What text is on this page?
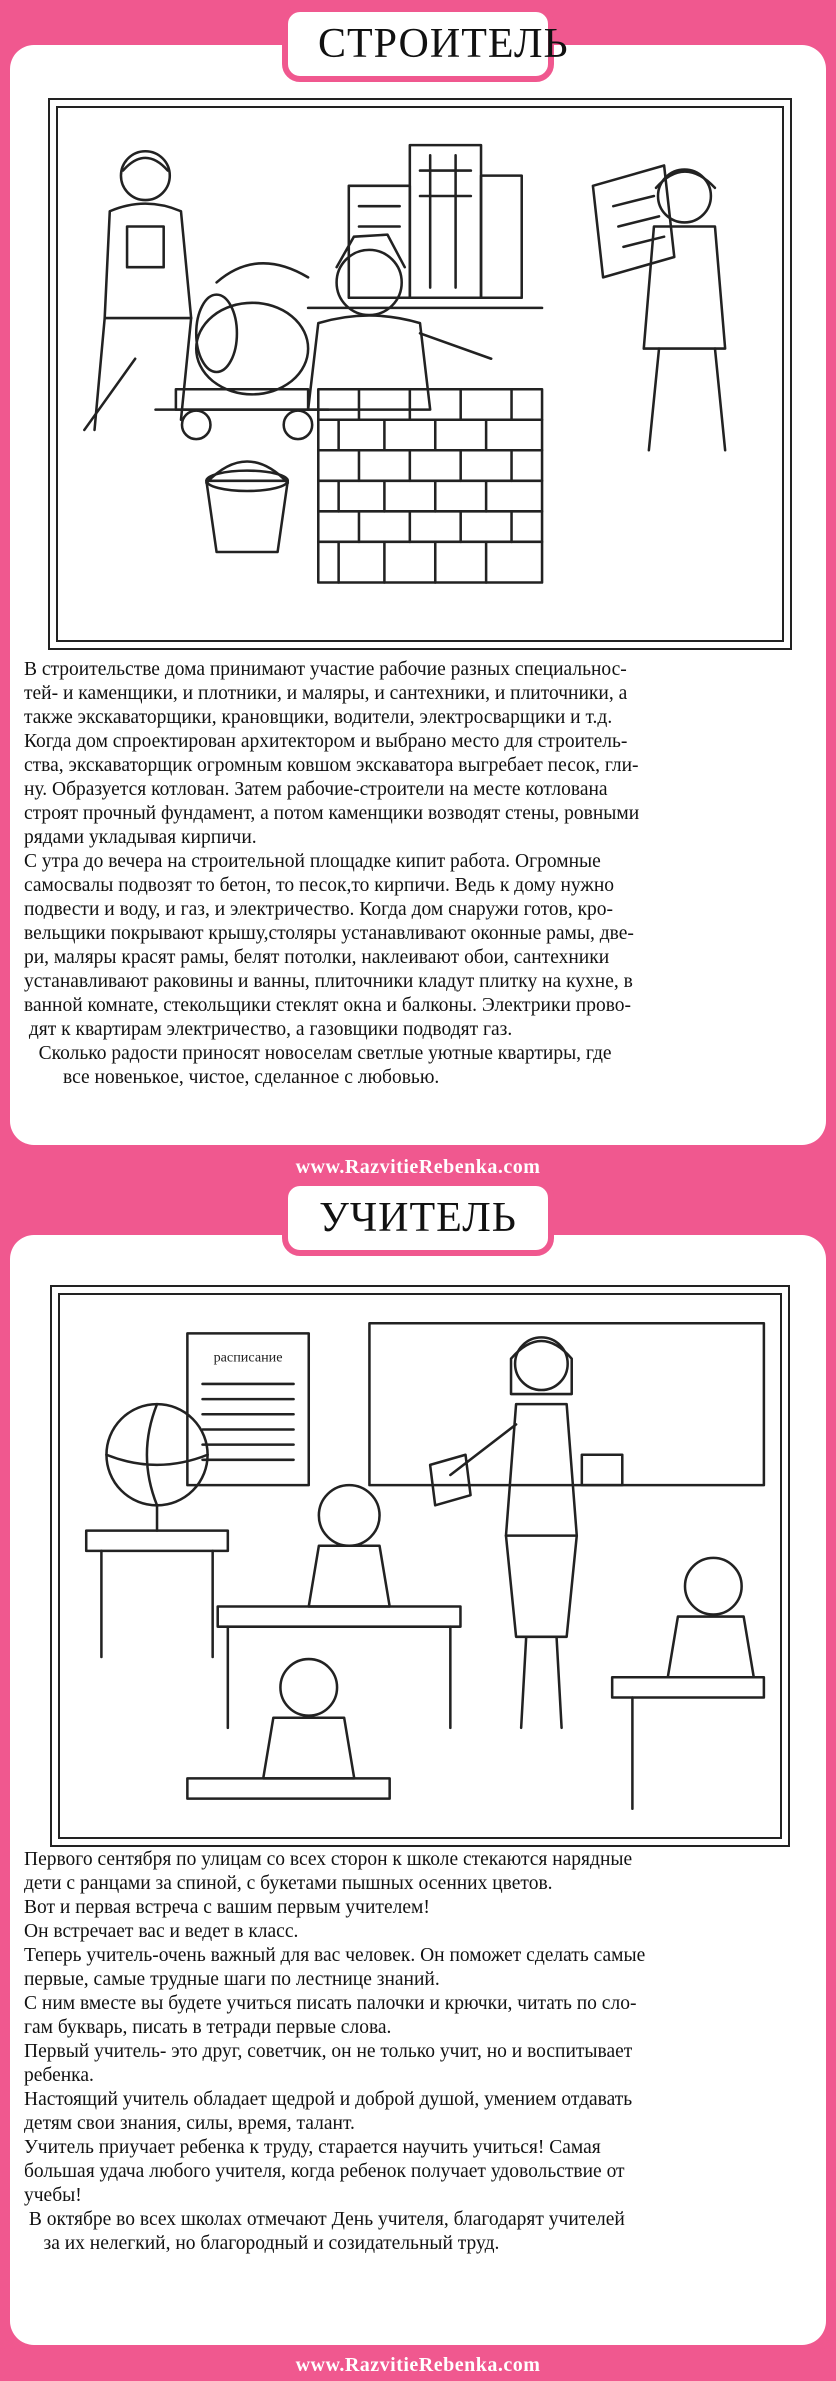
СТРОИТЕЛЬ

В строительстве дома принимают участие рабочие разных специальнос-

тей- и каменщики, и плотники, и маляры, и сантехники, и плиточники, а

также экскаваторщики, крановщики, водители, электросварщики и т.д.

Когда дом спроектирован архитектором и выбрано место для строитель-

ства, экскаваторщик огромным ковшом экскаватора выгребает песок, гли-

ну. Образуется котлован. Затем рабочие-строители на месте котлована

строят прочный фундамент, а потом каменщики возводят стены, ровными

рядами укладывая кирпичи.

С утра до вечера на строительной площадке кипит работа. Огромные

самосвалы подвозят то бетон, то песок,то кирпичи. Ведь к дому нужно

подвести и воду, и газ, и электричество. Когда дом снаружи готов, кро-

вельщики покрывают крышу,столяры устанавливают оконные рамы, две-

ри, маляры красят рамы, белят потолки, наклеивают обои, сантехники

устанавливают раковины и ванны, плиточники кладут плитку на кухне, в

ванной комнате, стекольщики стеклят окна и балконы. Электрики прово-

дят к квартирам электричество, а газовщики подводят газ.

Сколько радости приносят новоселам светлые уютные квартиры, где

все новенькое, чистое, сделанное с любовью.

www.RazvitieRebenka.com
УЧИТЕЛЬ
расписание

Первого сентября по улицам со всех сторон к школе стекаются нарядные

дети с ранцами за спиной, с букетами пышных осенних цветов.

Вот и первая встреча с вашим первым учителем!

Он встречает вас и ведет в класс.

Теперь учитель-очень важный для вас человек. Он поможет сделать самые

первые, самые трудные шаги по лестнице знаний.

С ним вместе вы будете учиться писать палочки и крючки, читать по сло-

гам букварь, писать в тетради первые слова.

Первый учитель- это друг, советчик, он не только учит, но и воспитывает

ребенка.

Настоящий учитель обладает щедрой и доброй душой, умением отдавать

детям свои знания, силы, время, талант.

Учитель приучает ребенка к труду, старается научить учиться! Самая

большая удача любого учителя, когда ребенок получает удовольствие от

учебы!

В октябре во всех школах отмечают День учителя, благодарят учителей

за их нелегкий, но благородный и созидательный труд.

www.RazvitieRebenka.com
